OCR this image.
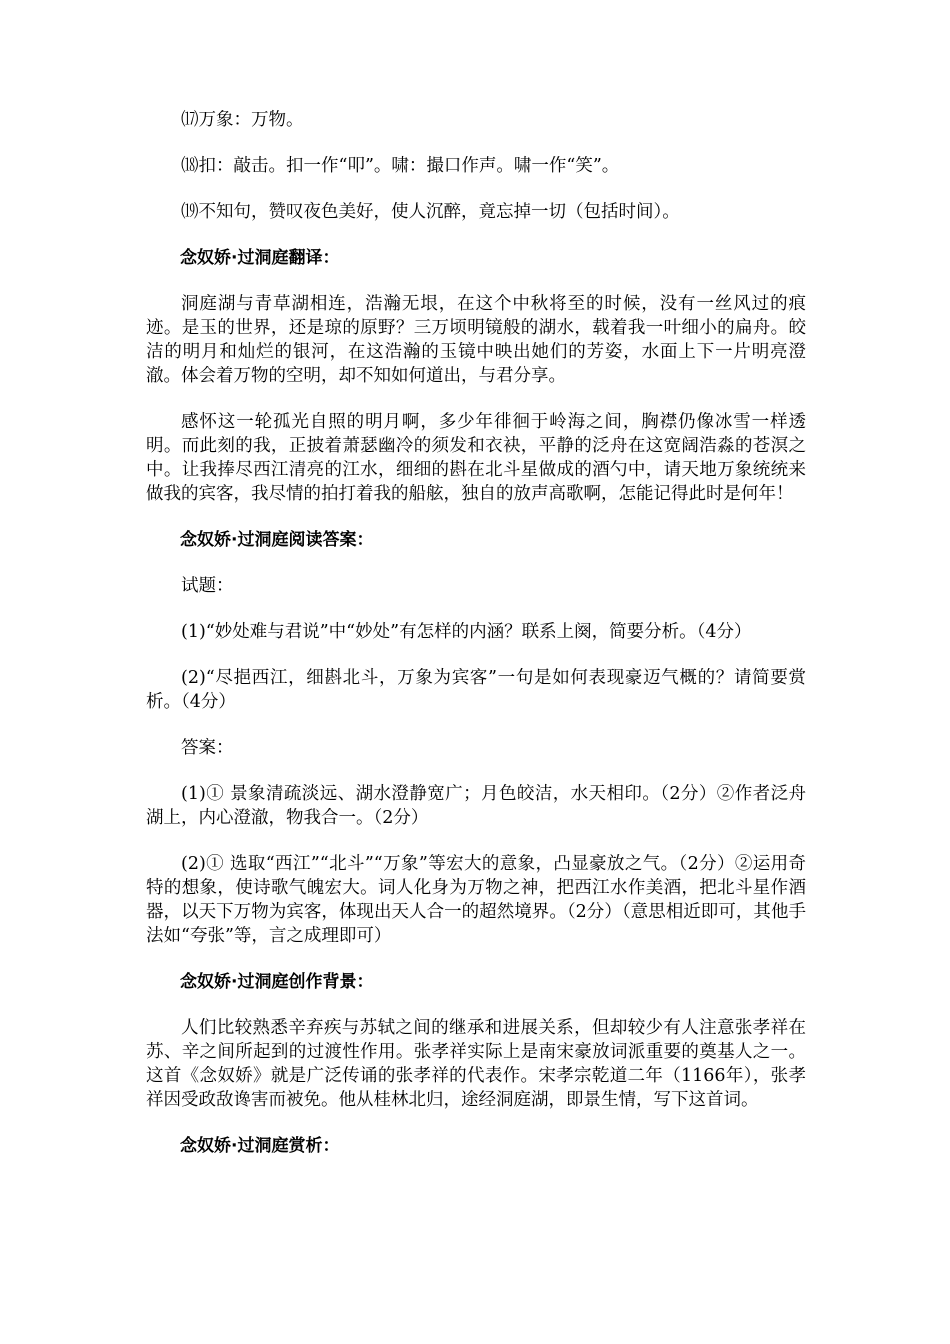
⒄万象：万物。

⒅扣：敲击。扣一作“叩”。啸：撮口作声。啸一作“笑”。

⒆不知句，赞叹夜色美好，使人沉醉，竟忘掉一切（包括时间）。

念奴娇·过洞庭翻译：

洞庭湖与青草湖相连，浩瀚无垠，在这个中秋将至的时候，没有一丝风过的痕迹。是玉的世界，还是琼的原野？三万顷明镜般的湖水，载着我一叶细小的扁舟。皎洁的明月和灿烂的银河，在这浩瀚的玉镜中映出她们的芳姿，水面上下一片明亮澄澈。体会着万物的空明，却不知如何道出，与君分享。

感怀这一轮孤光自照的明月啊，多少年徘徊于岭海之间，胸襟仍像冰雪一样透明。而此刻的我，正披着萧瑟幽冷的须发和衣袂，平静的泛舟在这宽阔浩淼的苍溟之中。让我捧尽西江清亮的江水，细细的斟在北斗星做成的酒勺中，请天地万象统统来做我的宾客，我尽情的拍打着我的船舷，独自的放声高歌啊，怎能记得此时是何年！

念奴娇·过洞庭阅读答案：

试题：

(1)“妙处难与君说”中“妙处”有怎样的内涵？联系上阕，简要分析。（4分）

(2)“尽挹西江，细斟北斗，万象为宾客”一句是如何表现豪迈气概的？请简要赏析。（4分）

答案：

(1)① 景象清疏淡远、湖水澄静宽广；月色皎洁，水天相印。（2分）②作者泛舟湖上，内心澄澈，物我合一。（2分）

(2)① 选取“西江”“北斗”“万象”等宏大的意象，凸显豪放之气。（2分）②运用奇特的想象，使诗歌气魄宏大。词人化身为万物之神，把西江水作美酒，把北斗星作酒器，以天下万物为宾客，体现出天人合一的超然境界。（2分）（意思相近即可，其他手法如“夸张”等，言之成理即可）

念奴娇·过洞庭创作背景：

人们比较熟悉辛弃疾与苏轼之间的继承和进展关系，但却较少有人注意张孝祥在苏、辛之间所起到的过渡性作用。张孝祥实际上是南宋豪放词派重要的奠基人之一。这首《念奴娇》就是广泛传诵的张孝祥的代表作。宋孝宗乾道二年（1166年），张孝祥因受政敌谗害而被免。他从桂林北归，途经洞庭湖，即景生情，写下这首词。

念奴娇·过洞庭赏析：
